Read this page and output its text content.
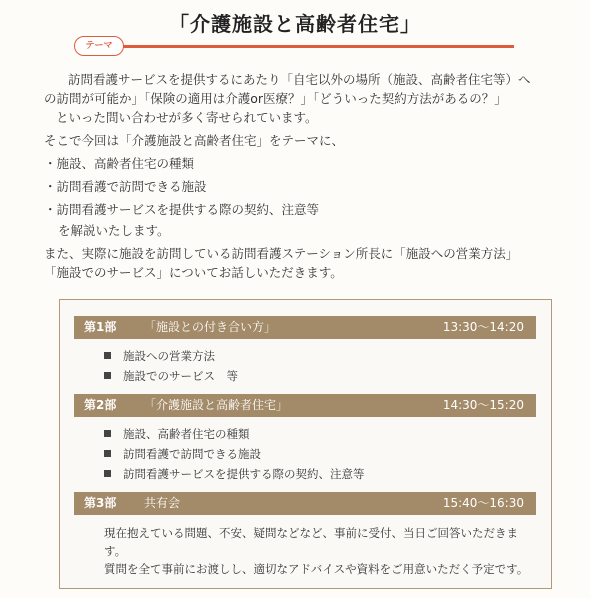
「介護施設と高齢者住宅」
テーマ

訪問看護サービスを提供するにあたり「自宅以外の場所（施設、高齢者住宅等）へ

の訪問が可能か」「保険の適用は介護or医療？」「どういった契約方法があるの？」

といった問い合わせが多く寄せられています。

そこで今回は「介護施設と高齢者住宅」をテーマに、

・施設、高齢者住宅の種類

・訪問看護で訪問できる施設

・訪問看護サービスを提供する際の契約、注意等

を解説いたします。

また、実際に施設を訪問している訪問看護ステーション所長に「施設への営業方法」

「施設でのサービス」についてお話しいただきます。

第1部 「施設との付き合い方」	13:30～14:20
施設への営業方法
施設でのサービス　等
第2部 「介護施設と高齢者住宅」	14:30～15:20
施設、高齢者住宅の種類
訪問看護で訪問できる施設
訪問看護サービスを提供する際の契約、注意等
第3部 共有会	15:40～16:30

現在抱えている問題、不安、疑問などなど、事前に受付、当日ご回答いただきます。

質問を全て事前にお渡しし、適切なアドバイスや資料をご用意いただく予定です。
